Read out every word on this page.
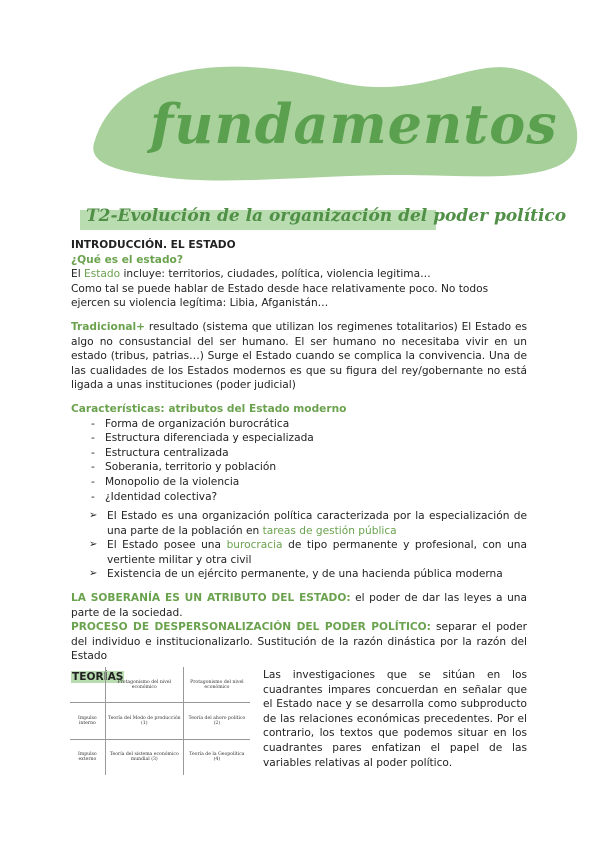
fundamentos
T2-Evolución de la organización del poder político

INTRODUCCIÓN. EL ESTADO

¿Qué es el estado?

El Estado incluye: territorios, ciudades, política, violencia legitima…

Como tal se puede hablar de Estado desde hace relativamente poco. No todos ejercen su violencia legítima: Libia, Afganistán…

Tradicional+ resultado (sistema que utilizan los regimenes totalitarios) El Estado es algo no consustancial del ser humano. El ser humano no necesitaba vivir en un estado (tribus, patrias…) Surge el Estado cuando se complica la convivencia. Una de las cualidades de los Estados modernos es que su figura del rey/gobernante no está ligada a unas instituciones (poder judicial)

Características: atributos del Estado moderno

- Forma de organización burocrática
- Estructura diferenciada y especializada
- Estructura centralizada
- Soberania, territorio y población
- Monopolio de la violencia
- ¿Identidad colectiva?
➢ El Estado es una organización política caracterizada por la especialización de una parte de la población en tareas de gestión pública
➢ El Estado posee una burocracia de tipo permanente y profesional, con una vertiente militar y otra civil
➢ Existencia de un ejército permanente, y de una hacienda pública moderna

LA SOBERANÍA ES UN ATRIBUTO DEL ESTADO: el poder de dar las leyes a una parte de la sociedad.

PROCESO DE DESPERSONALIZACIÓN DEL PODER POLÍTICO: separar el poder del individuo e institucionalizarlo. Sustitución de la razón dinástica por la razón del Estado

TEORÍAS

	Protagonismo del nivel económico	Protagonismo del nivel económico
Impulso interno	Teoría del Modo de producción (1)	Teoría del ahoro político (2)
Impulso externo	Teoría del sistema económico mundial (3)	Teoría de la Geopolítica (4)

Las investigaciones que se sitúan en los cuadrantes impares concuerdan en señalar que el Estado nace y se desarrolla como subproducto de las relaciones económicas precedentes. Por el contrario, los textos que podemos situar en los cuadrantes pares enfatizan el papel de las variables relativas al poder político.
